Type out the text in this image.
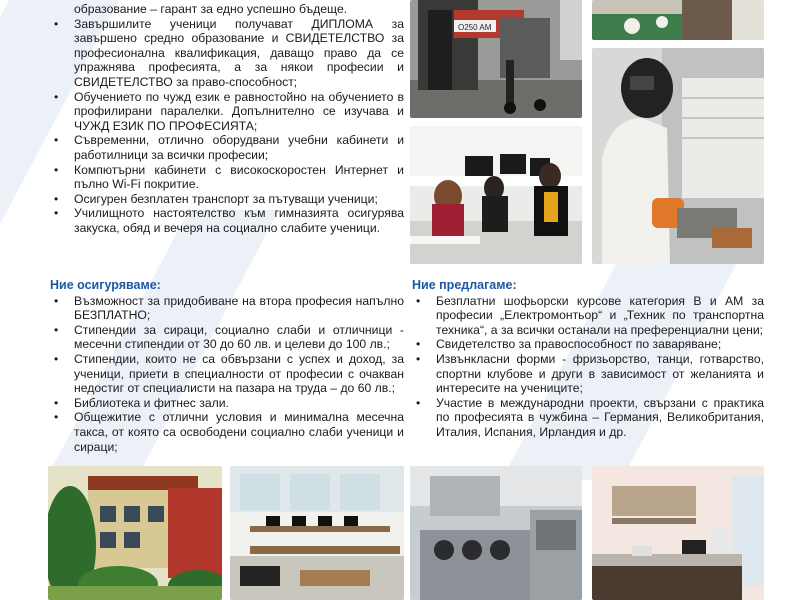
образование – гарант за едно успешно бъдеще.
• Завършилите ученици получават ДИПЛОМА за завършено средно образование и СВИДЕТЕЛСТВО за професионална квалификация, даващо право да се упражнява професията, а за някои професии и СВИДЕТЕЛСТВО за право-способност;
• Обучението по чужд език е равностойно на обучението в профилирани паралелки. Допълнително се изучава и ЧУЖД ЕЗИК ПО ПРОФЕСИЯТА;
• Съвременни, отлично оборудвани учебни кабинети и работилници за всички професии;
• Компютърни кабинети с високоскоростен Интернет и пълно Wi-Fi покритие.
• Осигурен безплатен транспорт за пътуващи ученици;
• Училищното настоятелство към гимназията осигурява закуска, обяд и вечеря на социално слабите ученици.
Ние осигуряваме:
• Възможност за придобиване на втора професия напълно БЕЗПЛАТНО;
• Стипендии за сираци, социално слаби и отличници - месечни стипендии от 30 до 60 лв. и целеви до 100 лв.;
• Стипендии, които не са обвързани с успех и доход, за ученици, приети в специалности от професии с очакван недостиг от специалисти на пазара на труда – до 60 лв.;
• Библиотека и фитнес зали.
• Общежитие с отлични условия и минимална месечна такса, от която са освободени социално слаби ученици и сираци;
Ние предлагаме:
• Безплатни шофьорски курсове категория В и АМ за професии „Електромонтьор“ и „Техник по транспортна техника“, а за всички останали на преференциални цени;
• Свидетелство за правоспособност по заваряване;
• Извънкласни форми - фризьорство, танци, готварство, спортни клубове и други в зависимост от желанията и интересите на учениците;
• Участие в международни проекти, свързани с практика по професията в чужбина – Германия, Великобритания, Италия, Испания, Ирландия и др.
O250 AM
